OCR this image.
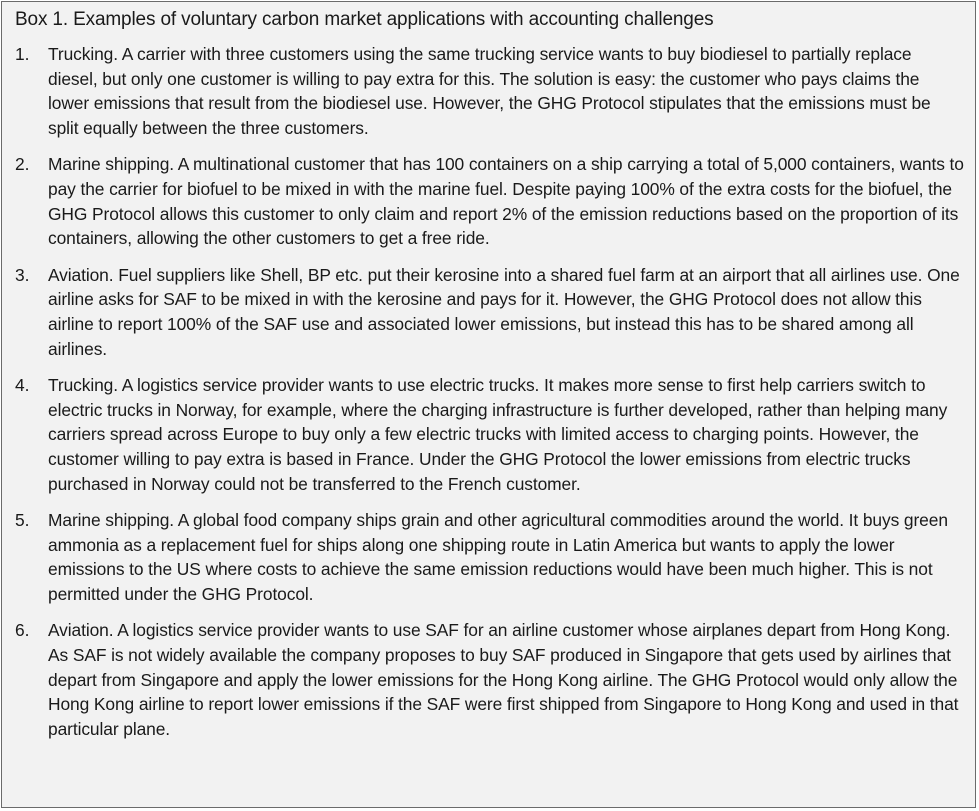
Box 1. Examples of voluntary carbon market applications with accounting challenges
1.	Trucking. A carrier with three customers using the same trucking service wants to buy biodiesel to partially replace diesel, but only one customer is willing to pay extra for this. The solution is easy: the customer who pays claims the lower emissions that result from the biodiesel use. However, the GHG Protocol stipulates that the emissions must be split equally between the three customers.
2.	Marine shipping. A multinational customer that has 100 containers on a ship carrying a total of 5,000 containers, wants to pay the carrier for biofuel to be mixed in with the marine fuel. Despite paying 100% of the extra costs for the biofuel, the GHG Protocol allows this customer to only claim and report 2% of the emission reductions based on the proportion of its containers, allowing the other customers to get a free ride.
3.	Aviation. Fuel suppliers like Shell, BP etc. put their kerosine into a shared fuel farm at an airport that all airlines use. One airline asks for SAF to be mixed in with the kerosine and pays for it. However, the GHG Protocol does not allow this airline to report 100% of the SAF use and associated lower emissions, but instead this has to be shared among all airlines.
4.	Trucking. A logistics service provider wants to use electric trucks. It makes more sense to first help carriers switch to electric trucks in Norway, for example, where the charging infrastructure is further developed, rather than helping many carriers spread across Europe to buy only a few electric trucks with limited access to charging points. However, the customer willing to pay extra is based in France. Under the GHG Protocol the lower emissions from electric trucks purchased in Norway could not be transferred to the French customer.
5.	Marine shipping. A global food company ships grain and other agricultural commodities around the world. It buys green ammonia as a replacement fuel for ships along one shipping route in Latin America but wants to apply the lower emissions to the US where costs to achieve the same emission reductions would have been much higher. This is not permitted under the GHG Protocol.
6.	Aviation. A logistics service provider wants to use SAF for an airline customer whose airplanes depart from Hong Kong. As SAF is not widely available the company proposes to buy SAF produced in Singapore that gets used by airlines that depart from Singapore and apply the lower emissions for the Hong Kong airline. The GHG Protocol would only allow the Hong Kong airline to report lower emissions if the SAF were first shipped from Singapore to Hong Kong and used in that particular plane.
